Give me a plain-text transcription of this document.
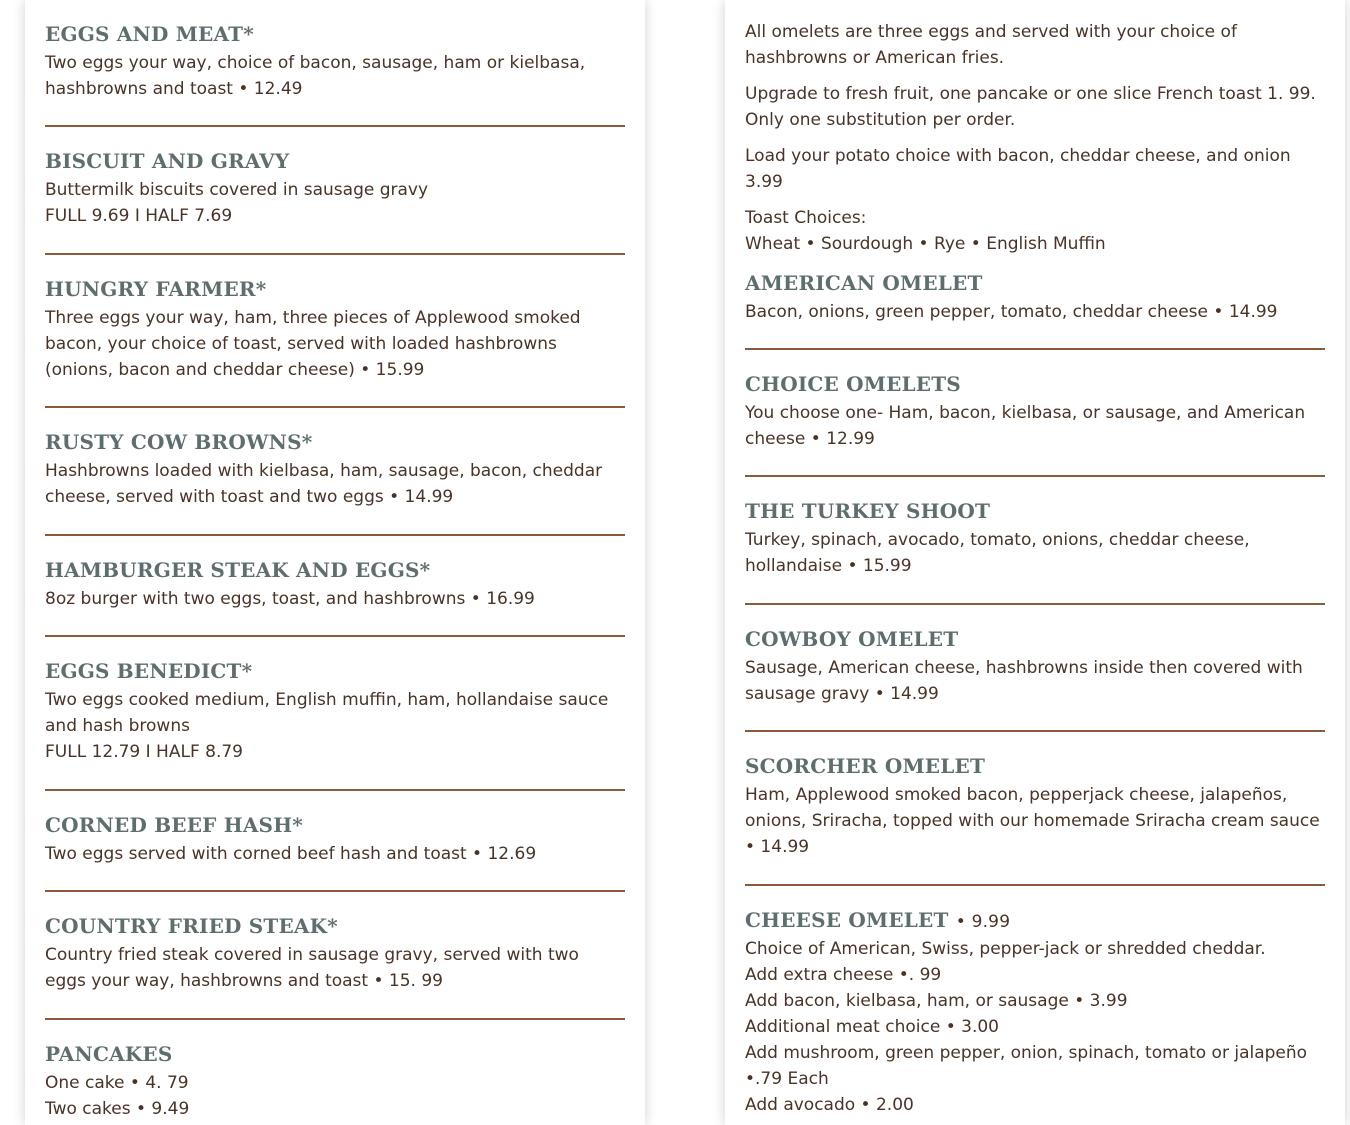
EGGS AND MEAT*

Two eggs your way, choice of bacon, sausage, ham or kielbasa, hashbrowns and toast • 12.49

BISCUIT AND GRAVY

Buttermilk biscuits covered in sausage gravy

FULL 9.69 I HALF 7.69

HUNGRY FARMER*

Three eggs your way, ham, three pieces of Applewood smoked bacon, your choice of toast, served with loaded hashbrowns (onions, bacon and cheddar cheese) • 15.99

RUSTY COW BROWNS*

Hashbrowns loaded with kielbasa, ham, sausage, bacon, cheddar cheese, served with toast and two eggs • 14.99

HAMBURGER STEAK AND EGGS*

8oz burger with two eggs, toast, and hashbrowns • 16.99

EGGS BENEDICT*

Two eggs cooked medium, English muffin, ham, hollandaise sauce and hash browns

FULL 12.79 I HALF 8.79

CORNED BEEF HASH*

Two eggs served with corned beef hash and toast • 12.69

COUNTRY FRIED STEAK*

Country fried steak covered in sausage gravy, served with two eggs your way, hashbrowns and toast • 15. 99

PANCAKES

One cake • 4. 79

Two cakes • 9.49

All omelets are three eggs and served with your choice of hashbrowns or American fries.

Upgrade to fresh fruit, one pancake or one slice French toast 1. 99. Only one substitution per order.

Load your potato choice with bacon, cheddar cheese, and onion 3.99

Toast Choices:

Wheat • Sourdough • Rye • English Muffin

AMERICAN OMELET

Bacon, onions, green pepper, tomato, cheddar cheese • 14.99

CHOICE OMELETS

You choose one- Ham, bacon, kielbasa, or sausage, and American cheese • 12.99

THE TURKEY SHOOT

Turkey, spinach, avocado, tomato, onions, cheddar cheese, hollandaise • 15.99

COWBOY OMELET

Sausage, American cheese, hashbrowns inside then covered with sausage gravy • 14.99

SCORCHER OMELET

Ham, Applewood smoked bacon, pepperjack cheese, jalapeños, onions, Sriracha, topped with our homemade Sriracha cream sauce • 14.99

CHEESE OMELET • 9.99

Choice of American, Swiss, pepper-jack or shredded cheddar.

Add extra cheese •. 99

Add bacon, kielbasa, ham, or sausage • 3.99

Additional meat choice • 3.00

Add mushroom, green pepper, onion, spinach, tomato or jalapeño •.79 Each

Add avocado • 2.00
